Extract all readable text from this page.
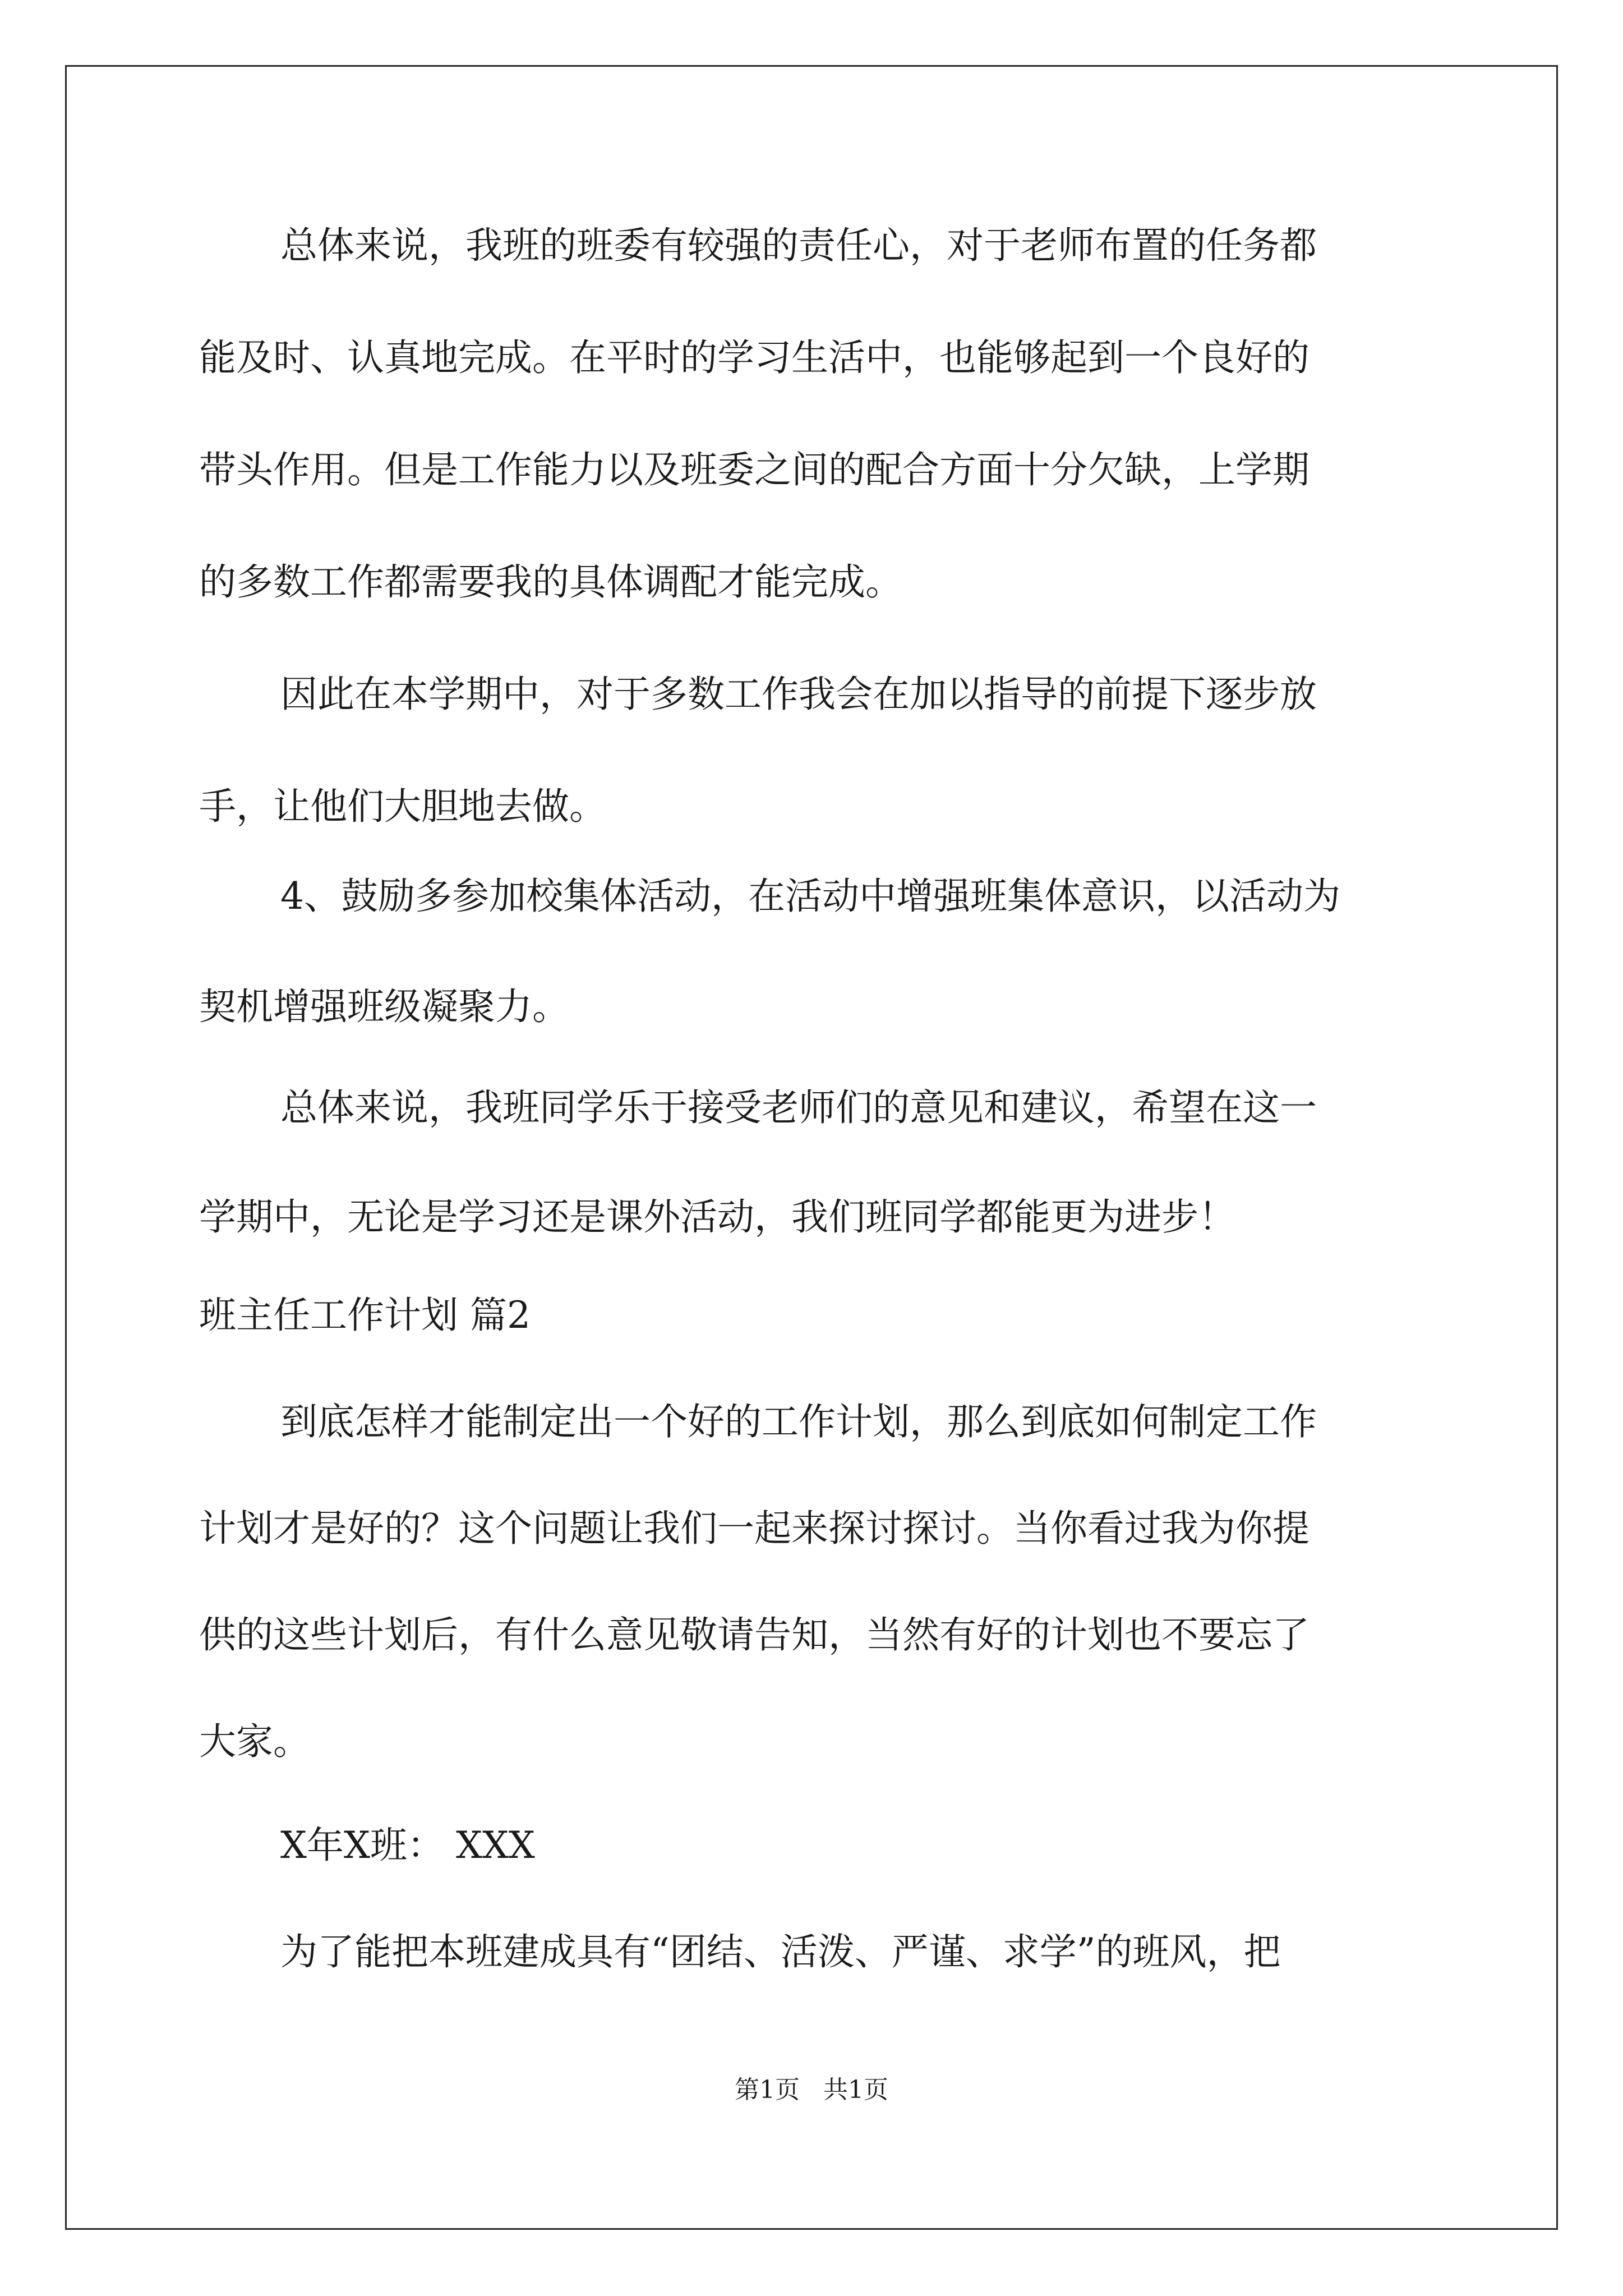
总体来说，我班的班委有较强的责任心，对于老师布置的任务都
能及时、认真地完成。在平时的学习生活中，也能够起到一个良好的
带头作用。但是工作能力以及班委之间的配合方面十分欠缺，上学期
的多数工作都需要我的具体调配才能完成。
因此在本学期中，对于多数工作我会在加以指导的前提下逐步放
手，让他们大胆地去做。
4、鼓励多参加校集体活动，在活动中增强班集体意识，以活动为
契机增强班级凝聚力。
总体来说，我班同学乐于接受老师们的意见和建议，希望在这一
学期中，无论是学习还是课外活动，我们班同学都能更为进步！
班主任工作计划 篇2
到底怎样才能制定出一个好的工作计划，那么到底如何制定工作
计划才是好的？这个问题让我们一起来探讨探讨。当你看过我为你提
供的这些计划后，有什么意见敬请告知，当然有好的计划也不要忘了
大家。
X年X班： XXX
为了能把本班建成具有“团结、活泼、严谨、求学”的班风，把
第1页   共1页
